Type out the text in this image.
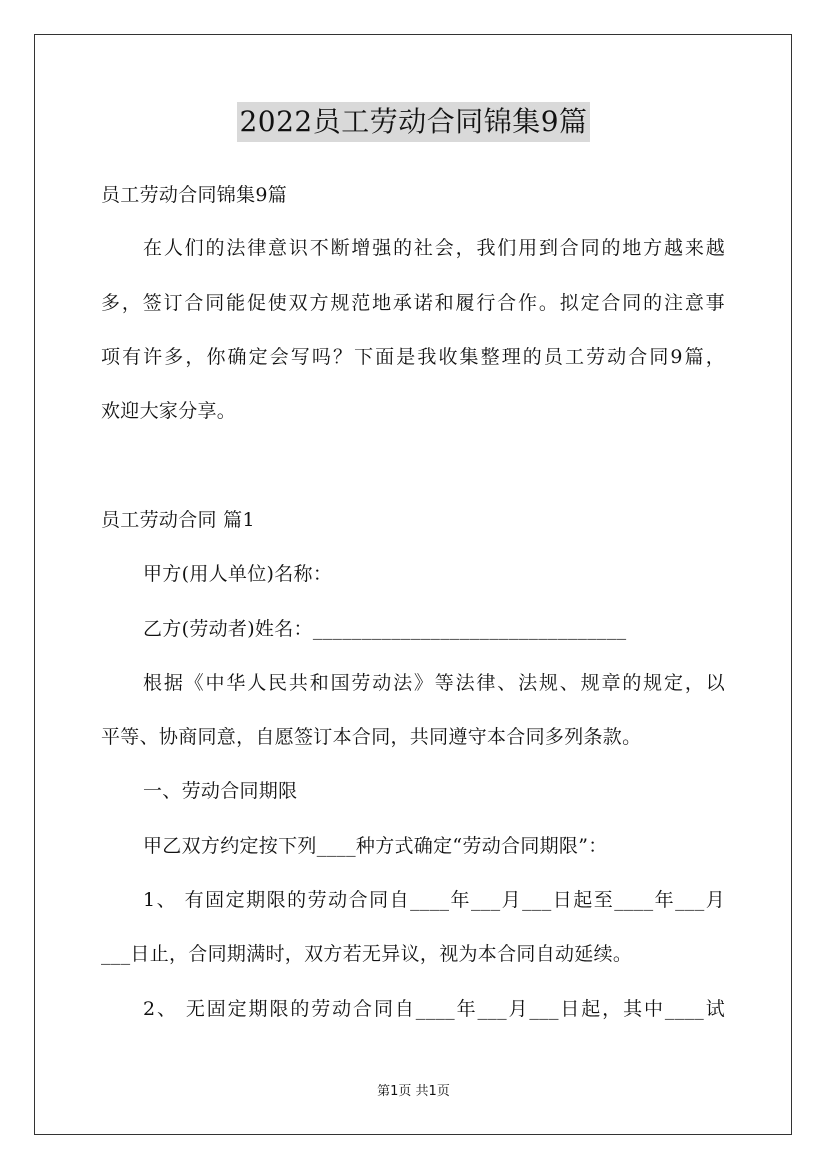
2022员工劳动合同锦集9篇
员工劳动合同锦集9篇
在人们的法律意识不断增强的社会，我们用到合同的地方越来越
多，签订合同能促使双方规范地承诺和履行合作。拟定合同的注意事
项有许多，你确定会写吗？下面是我收集整理的员工劳动合同9篇，
欢迎大家分享。
员工劳动合同 篇1
甲方(用人单位)名称：
乙方(劳动者)姓名：________________________________
根据《中华人民共和国劳动法》等法律、法规、规章的规定，以
平等、协商同意，自愿签订本合同，共同遵守本合同多列条款。
一、劳动合同期限
甲乙双方约定按下列____种方式确定“劳动合同期限”：
1、 有固定期限的劳动合同自____年___月___日起至____年___月
___日止，合同期满时，双方若无异议，视为本合同自动延续。
2、 无固定期限的劳动合同自____年___月___日起，其中____试
第1页 共1页
